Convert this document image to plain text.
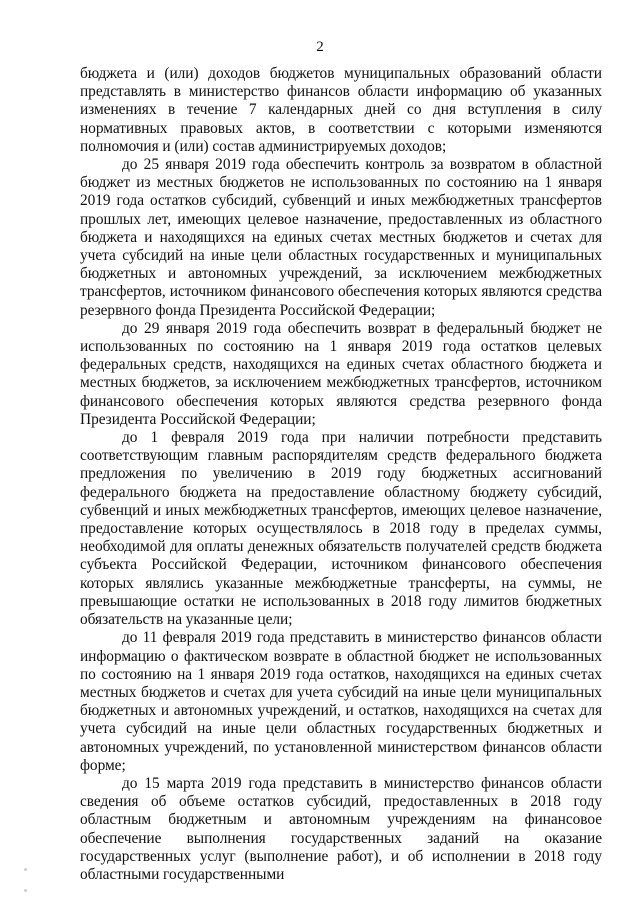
2

бюджета и (или) доходов бюджетов муниципальных образований области представлять в министерство финансов области информацию об указанных изменениях в течение 7 календарных дней со дня вступления в силу нормативных правовых актов, в соответствии с которыми изменяются полномочия и (или) состав администрируемых доходов;

до 25 января 2019 года обеспечить контроль за возвратом в областной бюджет из местных бюджетов не использованных по состоянию на 1 января 2019 года остатков субсидий, субвенций и иных межбюджетных трансфертов прошлых лет, имеющих целевое назначение, предоставленных из областного бюджета и находящихся на единых счетах местных бюджетов и счетах для учета субсидий на иные цели областных государственных и муниципальных бюджетных и автономных учреждений, за исключением межбюджетных трансфертов, источником финансового обеспечения которых являются средства резервного фонда Президента Российской Федерации;

до 29 января 2019 года обеспечить возврат в федеральный бюджет не использованных по состоянию на 1 января 2019 года остатков целевых федеральных средств, находящихся на единых счетах областного бюджета и местных бюджетов, за исключением межбюджетных трансфертов, источником финансового обеспечения которых являются средства резервного фонда Президента Российской Федерации;

до 1 февраля 2019 года при наличии потребности представить соответствующим главным распорядителям средств федерального бюджета предложения по увеличению в 2019 году бюджетных ассигнований федерального бюджета на предоставление областному бюджету субсидий, субвенций и иных межбюджетных трансфертов, имеющих целевое назначение, предоставление которых осуществлялось в 2018 году в пределах суммы, необходимой для оплаты денежных обязательств получателей средств бюджета субъекта Российской Федерации, источником финансового обеспечения которых являлись указанные межбюджетные трансферты, на суммы, не превышающие остатки не использованных в 2018 году лимитов бюджетных обязательств на указанные цели;

до 11 февраля 2019 года представить в министерство финансов области информацию о фактическом возврате в областной бюджет не использованных по состоянию на 1 января 2019 года остатков, находящихся на единых счетах местных бюджетов и счетах для учета субсидий на иные цели муниципальных бюджетных и автономных учреждений, и остатков, находящихся на счетах для учета субсидий на иные цели областных государственных бюджетных и автономных учреждений, по установленной министерством финансов области форме;

до 15 марта 2019 года представить в министерство финансов области сведения об объеме остатков субсидий, предоставленных в 2018 году областным бюджетным и автономным учреждениям на финансовое обеспечение выполнения государственных заданий на оказание государственных услуг (выполнение работ), и об исполнении в 2018 году областными государственными
